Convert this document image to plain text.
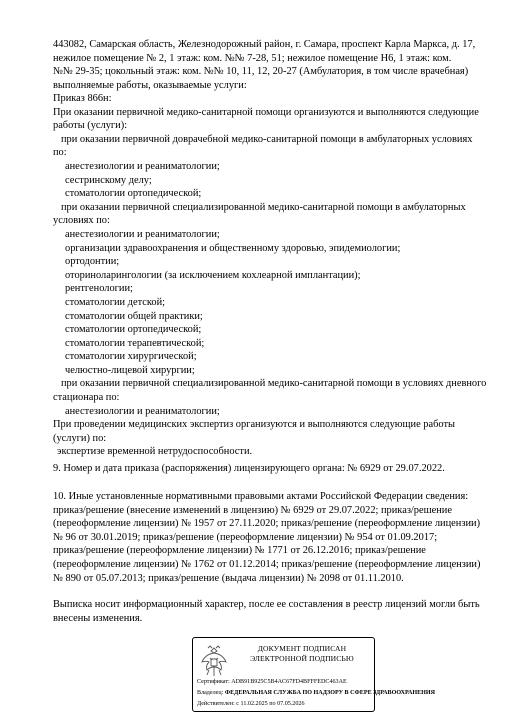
443082, Самарская область, Железнодорожный район, г. Самара, проспект Карла Маркса, д. 17,
нежилое помещение № 2, 1 этаж: ком. №№ 7-28, 51; нежилое помещение Н6, 1 этаж: ком.
№№ 29-35; цокольный этаж: ком. №№ 10, 11, 12, 20-27 (Амбулатория, в том числе врачебная)
выполняемые работы, оказываемые услуги:
Приказ 866н:
При оказании первичной медико-санитарной помощи организуются и выполняются следующие
работы (услуги):
при оказании первичной доврачебной медико-санитарной помощи в амбулаторных условиях
по:
анестезиологии и реаниматологии;
сестринскому делу;
стоматологии ортопедической;
при оказании первичной специализированной медико-санитарной помощи в амбулаторных
условиях по:
анестезиологии и реаниматологии;
организации здравоохранения и общественному здоровью, эпидемиологии;
ортодонтии;
оториноларингологии (за исключением кохлеарной имплантации);
рентгенологии;
стоматологии детской;
стоматологии общей практики;
стоматологии ортопедической;
стоматологии терапевтической;
стоматологии хирургической;
челюстно-лицевой хирургии;
при оказании первичной специализированной медико-санитарной помощи в условиях дневного
стационара по:
анестезиологии и реаниматологии;
При проведении медицинских экспертиз организуются и выполняются следующие работы
(услуги) по:
экспертизе временной нетрудоспособности.
9. Номер и дата приказа (распоряжения) лицензирующего органа: № 6929 от 29.07.2022.
10. Иные установленные нормативными правовыми актами Российской Федерации сведения:
приказ/решение (внесение изменений в лицензию) № 6929 от 29.07.2022; приказ/решение
(переоформление лицензии) № 1957 от 27.11.2020; приказ/решение (переоформление лицензии)
№ 96 от 30.01.2019; приказ/решение (переоформление лицензии) № 954 от 01.09.2017;
приказ/решение (переоформление лицензии) № 1771 от 26.12.2016; приказ/решение
(переоформление лицензии) № 1762 от 01.12.2014; приказ/решение (переоформление лицензии)
№ 890 от 05.07.2013; приказ/решение (выдача лицензии) № 2098 от 01.11.2010.
Выписка носит информационный характер, после ее составления в реестр лицензий могли быть
внесены изменения.
ДОКУМЕНТ ПОДПИСАН
ЭЛЕКТРОННОЙ ПОДПИСЬЮ
Сертификат: ADB91B925C5B4AC67FD4BFFFEDC463AE
Владелец: ФЕДЕРАЛЬНАЯ СЛУЖБА ПО НАДЗОРУ В СФЕРЕ ЗДРАВООХРАНЕНИЯ
Действителен: с 11.02.2025 по 07.05.2026
